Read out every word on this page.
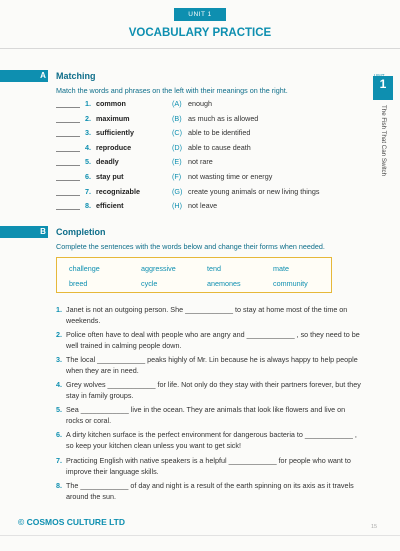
UNIT 1
VOCABULARY PRACTICE
1
The Fish That Can Switch
A	Matching
Match the words and phrases on the left with their meanings on the right.
1. common	(A) enough
2. maximum	(B) as much as is allowed
3. sufficiently	(C) able to be identified
4. reproduce	(D) able to cause death
5. deadly	(E) not rare
6. stay put	(F) not wasting time or energy
7. recognizable	(G) create young animals or new living things
8. efficient	(H) not leave
B	Completion
Complete the sentences with the words below and change their forms when needed.
challenge	aggressive	tend	mate
breed	cycle	anemones	community
1. Janet is not an outgoing person. She ____________ to stay at home most of the time on weekends.
2. Police often have to deal with people who are angry and ____________ , so they need to be well trained in calming people down.
3. The local ____________ peaks highly of Mr. Lin because he is always happy to help people when they are in need.
4. Grey wolves ____________ for life. Not only do they stay with their partners forever, but they stay in family groups.
5. Sea ____________ live in the ocean. They are animals that look like flowers and live on rocks or coral.
6. A dirty kitchen surface is the perfect environment for dangerous bacteria to ____________ , so keep your kitchen clean unless you want to get sick!
7. Practicing English with native speakers is a helpful ____________ for people who want to improve their language skills.
8. The ____________ of day and night is a result of the earth spinning on its axis as it travels around the sun.
© COSMOS CULTURE LTD	15
